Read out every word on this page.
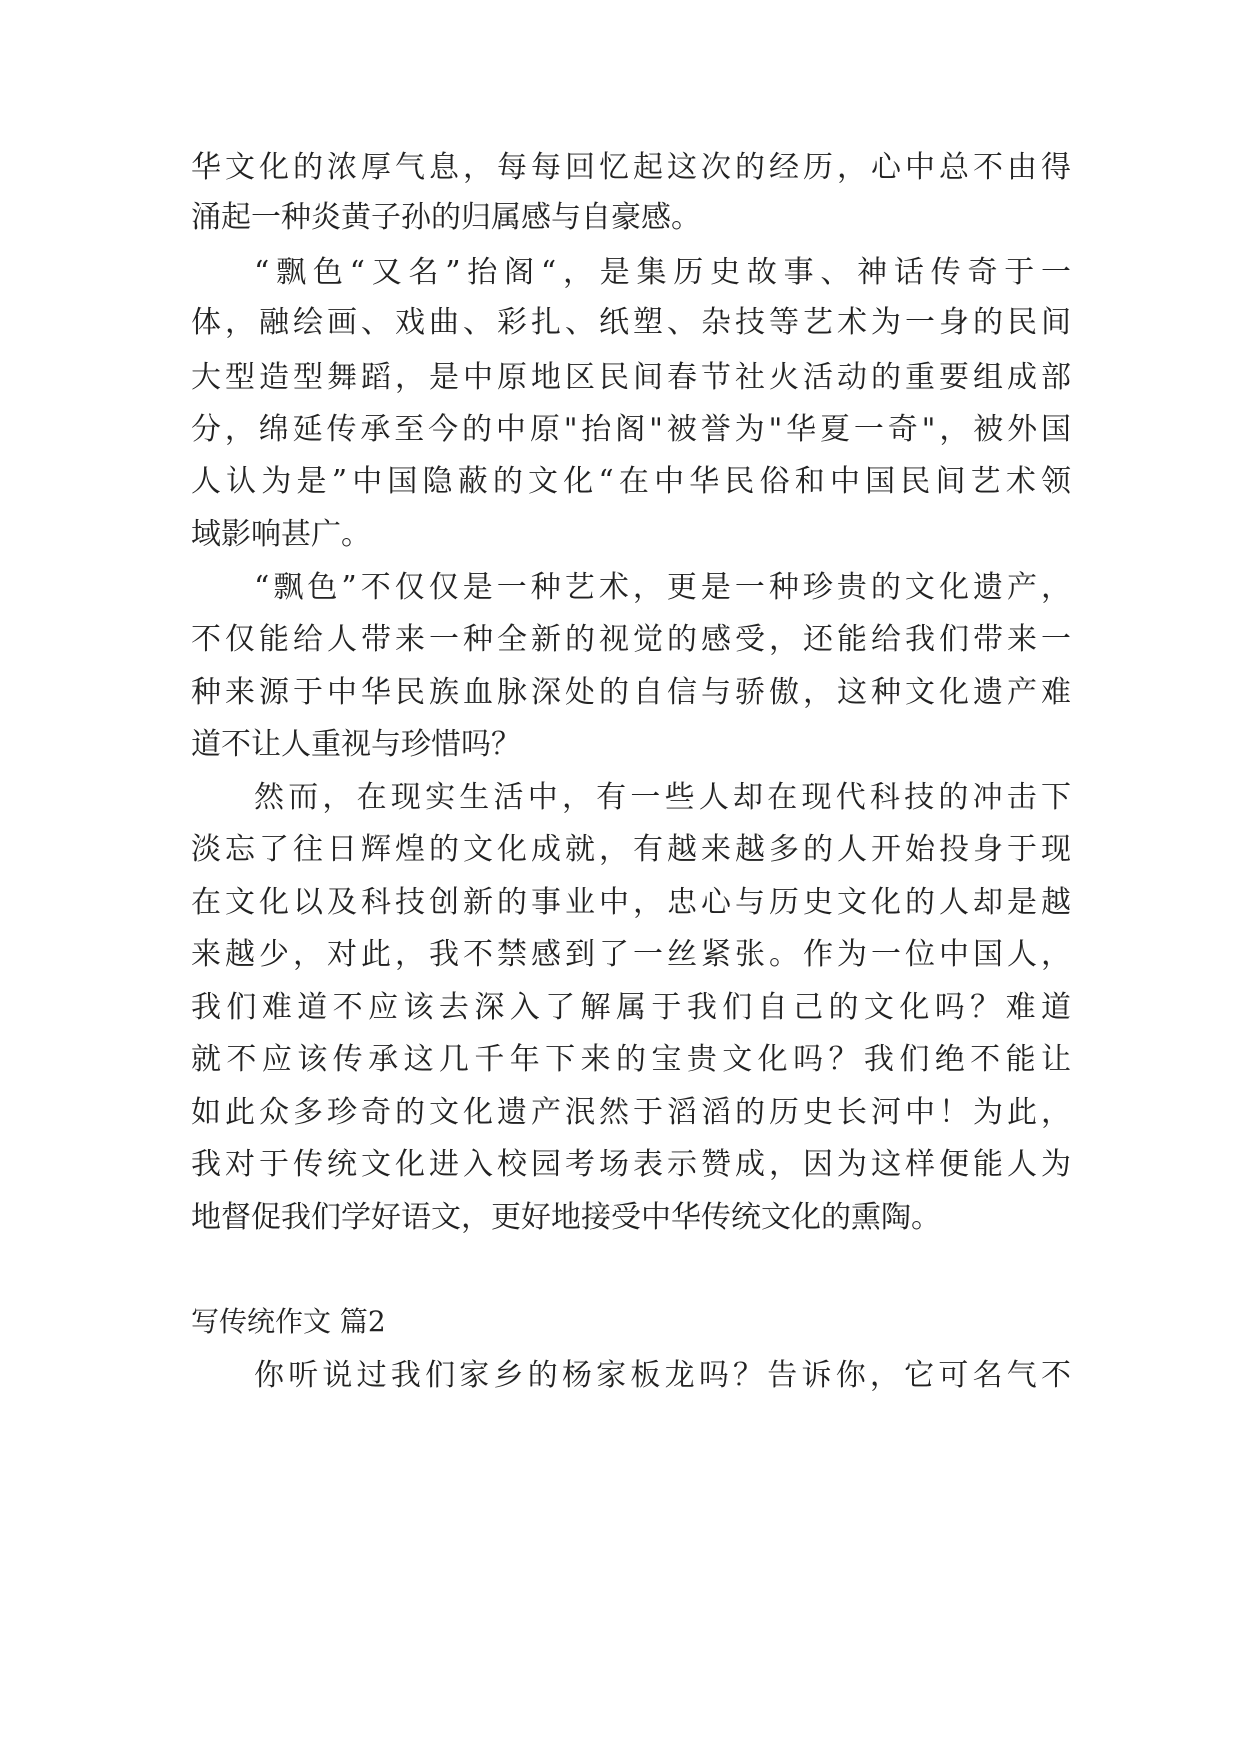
华文化的浓厚气息，每每回忆起这次的经历，心中总不由得

涌起一种炎黄子孙的归属感与自豪感。

“飘色“又名”抬阁“，是集历史故事、神话传奇于一

体，融绘画、戏曲、彩扎、纸塑、杂技等艺术为一身的民间

大型造型舞蹈，是中原地区民间春节社火活动的重要组成部

分，绵延传承至今的中原"抬阁"被誉为"华夏一奇"，被外国

人认为是”中国隐蔽的文化“在中华民俗和中国民间艺术领

域影响甚广。

“飘色”不仅仅是一种艺术，更是一种珍贵的文化遗产，

不仅能给人带来一种全新的视觉的感受，还能给我们带来一

种来源于中华民族血脉深处的自信与骄傲，这种文化遗产难

道不让人重视与珍惜吗？

然而，在现实生活中，有一些人却在现代科技的冲击下

淡忘了往日辉煌的文化成就，有越来越多的人开始投身于现

在文化以及科技创新的事业中，忠心与历史文化的人却是越

来越少，对此，我不禁感到了一丝紧张。作为一位中国人，

我们难道不应该去深入了解属于我们自己的文化吗？难道

就不应该传承这几千年下来的宝贵文化吗？我们绝不能让

如此众多珍奇的文化遗产泯然于滔滔的历史长河中！为此，

我对于传统文化进入校园考场表示赞成，因为这样便能人为

地督促我们学好语文，更好地接受中华传统文化的熏陶。

写传统作文 篇2

你听说过我们家乡的杨家板龙吗？告诉你，它可名气不
